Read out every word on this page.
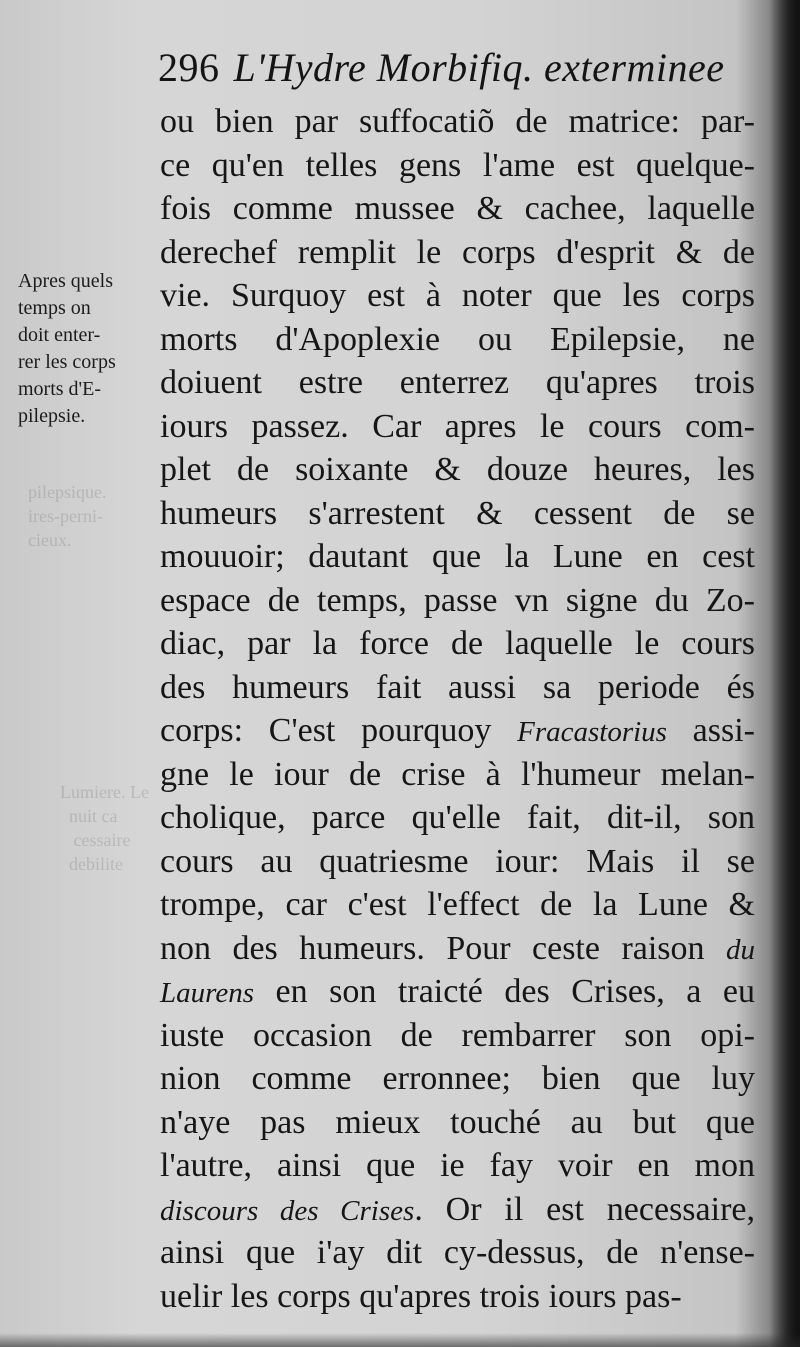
pilepsique.
ires-perni-
cieux.
Lumiere. Le
nuit ca
cessaire
debilite
296 L'Hydre Morbifiq. exterminee
Apres quels
temps on
doit enter-
rer les corps
morts d'E-
pilepsie.
ou bien par suffocatiõ de matrice: par-
ce qu'en telles gens l'ame est quelque-
fois comme mussee & cachee, laquelle
derechef remplit le corps d'esprit & de
vie. Surquoy est à noter que les corps
morts d'Apoplexie ou Epilepsie, ne
doiuent estre enterrez qu'apres trois
iours passez. Car apres le cours com-
plet de soixante & douze heures, les
humeurs s'arrestent & cessent de se
mouuoir; dautant que la Lune en cest
espace de temps, passe vn signe du Zo-
diac, par la force de laquelle le cours
des humeurs fait aussi sa periode és
corps: C'est pourquoy Fracastorius assi-
gne le iour de crise à l'humeur melan-
cholique, parce qu'elle fait, dit-il, son
cours au quatriesme iour: Mais il se
trompe, car c'est l'effect de la Lune &
non des humeurs. Pour ceste raison du
Laurens en son traicté des Crises, a eu
iuste occasion de rembarrer son opi-
nion comme erronnee; bien que luy
n'aye pas mieux touché au but que
l'autre, ainsi que ie fay voir en mon
discours des Crises. Or il est necessaire,
ainsi que i'ay dit cy-dessus, de n'ense-
uelir les corps qu'apres trois iours pas-
